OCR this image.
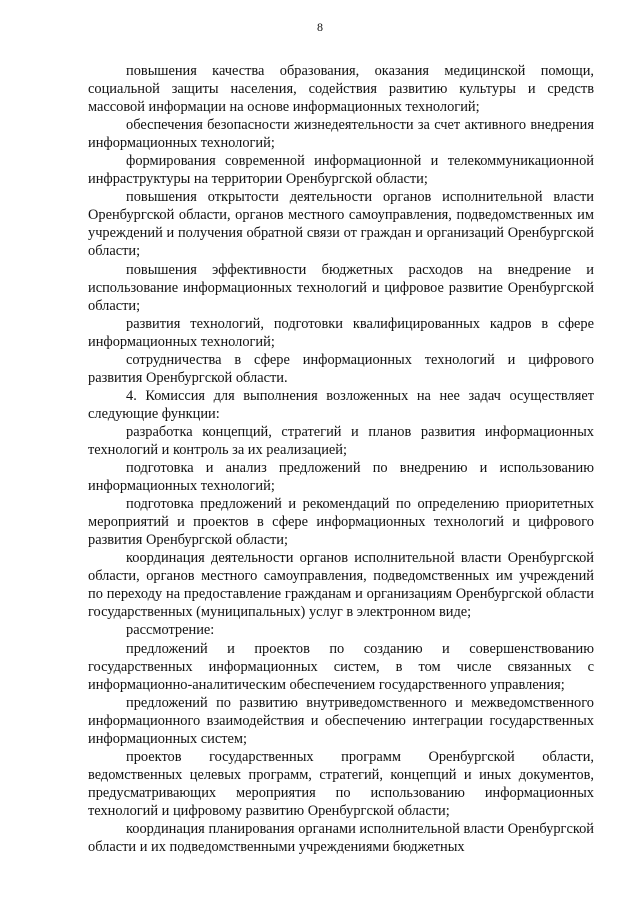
8

повышения качества образования, оказания медицинской помощи, социальной защиты населения, содействия развитию культуры и средств массовой информации на основе информационных технологий;

обеспечения безопасности жизнедеятельности за счет активного внедрения информационных технологий;

формирования современной информационной и телекоммуникационной инфраструктуры на территории Оренбургской области;

повышения открытости деятельности органов исполнительной власти Оренбургской области, органов местного самоуправления, подведомственных им учреждений и получения обратной связи от граждан и организаций Оренбургской области;

повышения эффективности бюджетных расходов на внедрение и использование информационных технологий и цифровое развитие Оренбургской области;

развития технологий, подготовки квалифицированных кадров в сфере информационных технологий;

сотрудничества в сфере информационных технологий и цифрового развития Оренбургской области.

4. Комиссия для выполнения возложенных на нее задач осуществляет следующие функции:

разработка концепций, стратегий и планов развития информационных технологий и контроль за их реализацией;

подготовка и анализ предложений по внедрению и использованию информационных технологий;

подготовка предложений и рекомендаций по определению приоритетных мероприятий и проектов в сфере информационных технологий и цифрового развития Оренбургской области;

координация деятельности органов исполнительной власти Оренбургской области, органов местного самоуправления, подведомственных им учреждений по переходу на предоставление гражданам и организациям Оренбургской области государственных (муниципальных) услуг в электронном виде;

рассмотрение:

предложений и проектов по созданию и совершенствованию государственных информационных систем, в том числе связанных с информационно-аналитическим обеспечением государственного управления;

предложений по развитию внутриведомственного и межведомственного информационного взаимодействия и обеспечению интеграции государственных информационных систем;

проектов государственных программ Оренбургской области, ведомственных целевых программ, стратегий, концепций и иных документов, предусматривающих мероприятия по использованию информационных технологий и цифровому развитию Оренбургской области;

координация планирования органами исполнительной власти Оренбургской области и их подведомственными учреждениями бюджетных
